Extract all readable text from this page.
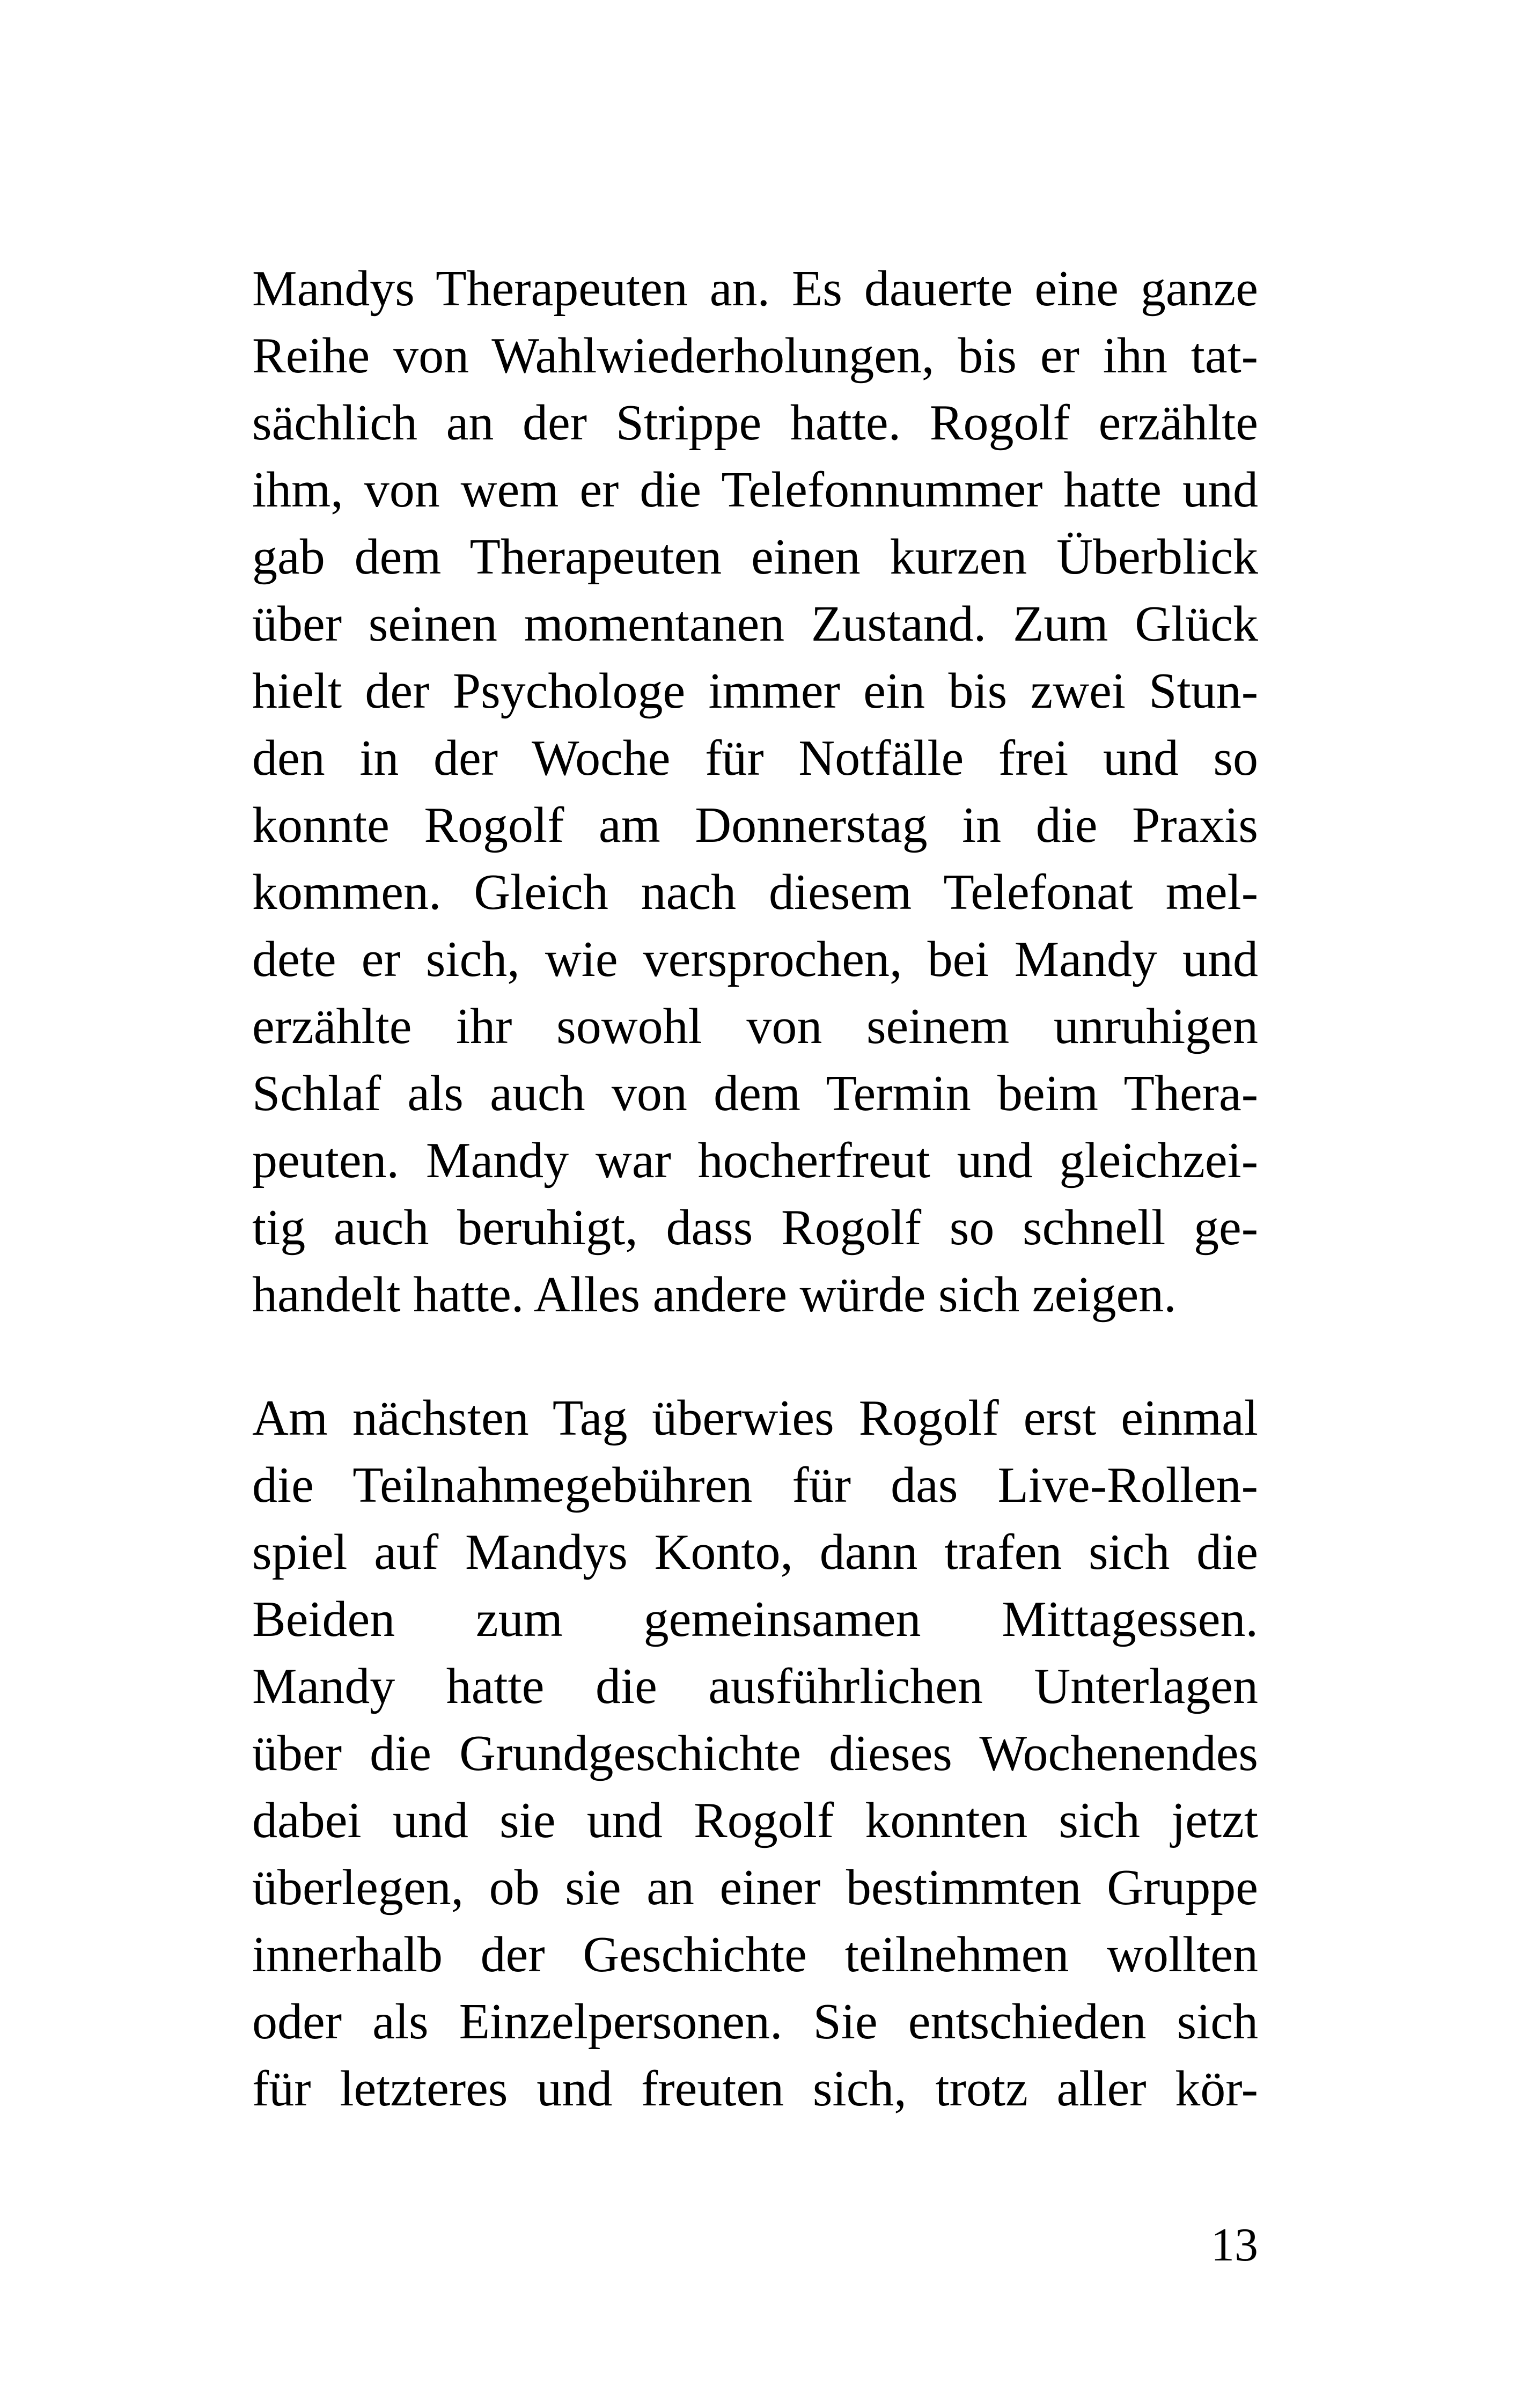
Mandys Therapeuten an. Es dauerte eine ganze
Reihe von Wahlwiederholungen, bis er ihn tat-
sächlich an der Strippe hatte. Rogolf erzählte
ihm, von wem er die Telefonnummer hatte und
gab dem Therapeuten einen kurzen Überblick
über seinen momentanen Zustand. Zum Glück
hielt der Psychologe immer ein bis zwei Stun-
den in der Woche für Notfälle frei und so
konnte Rogolf am Donnerstag in die Praxis
kommen. Gleich nach diesem Telefonat mel-
dete er sich, wie versprochen, bei Mandy und
erzählte ihr sowohl von seinem unruhigen
Schlaf als auch von dem Termin beim Thera-
peuten. Mandy war hocherfreut und gleichzei-
tig auch beruhigt, dass Rogolf so schnell ge-
handelt hatte. Alles andere würde sich zeigen.
Am nächsten Tag überwies Rogolf erst einmal
die Teilnahmegebühren für das Live-Rollen-
spiel auf Mandys Konto, dann trafen sich die
Beiden zum gemeinsamen Mittagessen.
Mandy hatte die ausführlichen Unterlagen
über die Grundgeschichte dieses Wochenendes
dabei und sie und Rogolf konnten sich jetzt
überlegen, ob sie an einer bestimmten Gruppe
innerhalb der Geschichte teilnehmen wollten
oder als Einzelpersonen. Sie entschieden sich
für letzteres und freuten sich, trotz aller kör-
13
